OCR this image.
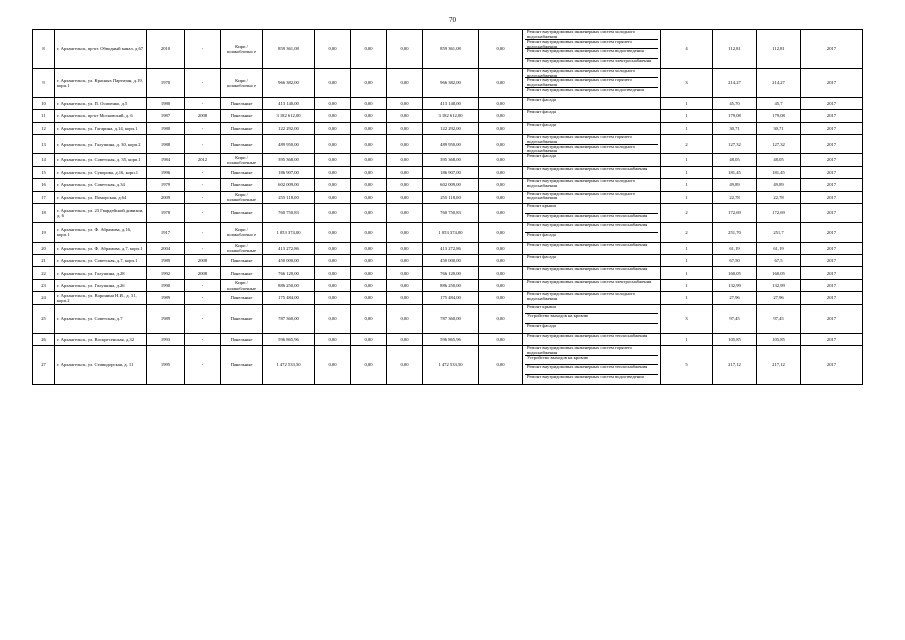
70
8	г. Архангельск, пр-кт. Обводный канал, д.67	2010	-	Кирп / шлакоблочно е	859 361,08	0,00	0,00	0,00	859 361,08	0,00	Ремонт внутридомовых инженерных систем холодного водоснабжения
Ремонт внутридомовых инженерных систем горячего водоснабжения
Ремонт внутридомовых инженерных систем водоотведения
Ремонт внутридомовых инженерных систем электроснабжения	4	112,81	112,81	2017
9	г. Архангельск, ул. Красных Партизан, д.19, корп.1	1970	-	Кирп / шлакоблочно е	966 382,00	0,00	0,00	0,00	966 382,00	0,00	Ремонт внутридомовых инженерных систем холодного водоснабжения
Ремонт внутридомовых инженерных систем горячего водоснабжения
Ремонт внутридомовых инженерных систем водоотведения	3	214,27	214,27	2017
10	г. Архангельск, ул. П. Осипенко, д.5	1980	-	Панельные	413 140,00	0,00	0,00	0,00	413 140,00	0,00	Ремонт фасада	1	45,70	45,7	2017
11	г. Архангельск, пр-кт Московский, д. 6	1987	2008	Панельные	3 182 612,00	0,00	0,00	0,00	3 182 612,00	0,00	Ремонт фасада	1	179,08	179,08	2017
12	г. Архангельск, ул. Гагарина, д.14, корп.1	1980	-	Панельные	122 292,00	0,00	0,00	0,00	122 292,00	0,00	Ремонт фасада	1	30,71	30,71	2017
13	г. Архангельск, ул. Галушина, д. 30, корп.2	1988	-	Панельные	489 950,00	0,00	0,00	0,00	489 950,00	0,00	Ремонт внутридомовых инженерных систем горячего водоснабжения
Ремонт внутридомовых инженерных систем холодного водоснабжения	2	127,32	127,32	2017
14	г. Архангельск, ул. Советская, д. 35, корп.1	1984	2012	Кирп / шлакоблочные	395 368,00	0,00	0,00	0,00	395 368,00	0,00	Ремонт фасада	1	48,05	48,05	2017
15	г. Архангельск, ул. Суворова, д.16, корп.1	1996	-	Панельные	186 907,00	0,00	0,00	0,00	186 907,00	0,00	Ремонт внутридомовых инженерных систем теплоснабжения	1	181,45	181,45	2017
16	г. Архангельск, ул. Советская, д.34	1979	-	Панельные	602 009,00	0,00	0,00	0,00	602 009,00	0,00	Ремонт внутридомовых инженерных систем холодного водоснабжения	1	49,89	49,89	2017
17	г. Архангельск, ул. Поморская, д.64	2009	-	Кирп / шлакоблочные	255 118,00	0,00	0,00	0,00	255 118,00	0,00	Ремонт внутридомовых инженерных систем холодного водоснабжения	1	22,78	22,78	2017
18	г. Архангельск, ул. 23 Гвардейской дивизии, д. 6	1978	-	Панельные	760 750,83	0,00	0,00	0,00	760 750,83	0,00	Ремонт крыши
Ремонт внутридомовых инженерных систем теплоснабжения	2	172,69	172,69	2017
19	г. Архангельск, ул. Ф. Абрамова, д.16, корп.1	1917	-	Кирп / шлакоблочно е	1 053 374,00	0,00	0,00	0,00	1 053 374,00	0,00	Ремонт внутридомовых инженерных систем теплоснабжения
Ремонт фасада	2	251,70	251,7	2017
20	г. Архангельск, ул. Ф. Абрамова, д.7, корп.1	2004	-	Кирп / шлакоблочные	413 272,86	0,00	0,00	0,00	413 272,86	0,00	Ремонт внутридомовых инженерных систем теплоснабжения	1	61,19	61,19	2017
21	г. Архангельск, ул. Советская, д.7, корп.1	1989	2008	Панельные	450 000,00	0,00	0,00	0,00	450 000,00	0,00	Ремонт фасада	1	67,50	67,5	2017
22	г. Архангельск, ул. Галушина, д.28	1992	2008	Панельные	766 120,00	0,00	0,00	0,00	766 120,00	0,00	Ремонт внутридомовых инженерных систем теплоснабжения	1	160,05	160,05	2017
23	г. Архангельск, ул. Галушина, д.26	1990	-	Кирп / шлакоблочные	886 250,00	0,00	0,00	0,00	886 250,00	0,00	Ремонт внутридомовых инженерных систем электроснабжения	1	132,99	132,99	2017
24	г. Архангельск, ул. Воронина Н.И., д. 31, корп.2	1989	-	Панельные	175 484,00	0,00	0,00	0,00	175 484,00	0,00	Ремонт внутридомовых инженерных систем холодного водоснабжения	1	27,96	27,96	2017
25	г. Архангельск, ул. Советская, д.7	1989	-	Панельные	787 360,00	0,00	0,00	0,00	787 360,00	0,00	Ремонт крыши
Устройство выходов на кровлю
Ремонт фасада	3	97,45	97,45	2017
26	г. Архангельск, ул. Воскресенская, д.32	1993	-	Панельные	596 865,96	0,00	0,00	0,00	596 865,96	0,00	Ремонт внутридомовых инженерных систем теплоснабжения	1	105,85	105,85	2017
27	г. Архангельск, ул. Стивидорская, д. 11	1995	-	Панельные	1 472 533,50	0,00	0,00	0,00	1 472 533,50	0,00	Ремонт внутридомовых инженерных систем горячего водоснабжения
Устройство выходов на кровлю
Ремонт внутридомовых инженерных систем теплоснабжения
Ремонт внутридомовых инженерных систем водоотведения	5	217,12	217,12	2017
